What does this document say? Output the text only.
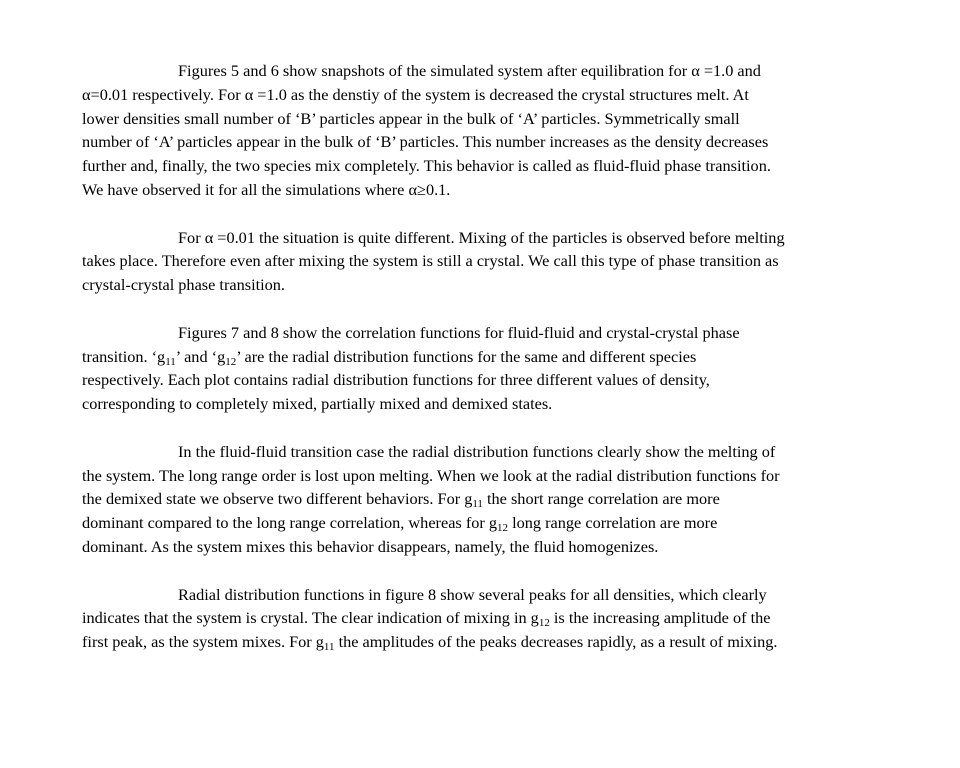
Figures 5 and 6 show snapshots of the simulated system after equilibration for α =1.0 and
α=0.01 respectively. For α =1.0 as the denstiy of the system is decreased the crystal structures melt. At
lower densities small number of ‘B’ particles appear in the bulk of ‘A’ particles. Symmetrically small
number of ‘A’ particles appear in the bulk of ‘B’ particles. This number increases as the density decreases
further and, finally, the two species mix completely. This behavior is called as fluid-fluid phase transition.
We have observed it for all the simulations where α≥0.1.

For α =0.01 the situation is quite different. Mixing of the particles is observed before melting
takes place. Therefore even after mixing the system is still a crystal. We call this type of phase transition as
crystal-crystal phase transition.

Figures 7 and 8 show the correlation functions for fluid-fluid and crystal-crystal phase
transition. ‘$g_{11}$’ and ‘$g_{12}$’ are the radial distribution functions for the same and different species
respectively. Each plot contains radial distribution functions for three different values of density,
corresponding to completely mixed, partially mixed and demixed states.

In the fluid-fluid transition case the radial distribution functions clearly show the melting of
the system. The long range order is lost upon melting. When we look at the radial distribution functions for
the demixed state we observe two different behaviors. For $g_{11}$ the short range correlation are more
dominant compared to the long range correlation, whereas for $g_{12}$ long range correlation are more
dominant. As the system mixes this behavior disappears, namely, the fluid homogenizes.

Radial distribution functions in figure 8 show several peaks for all densities, which clearly
indicates that the system is crystal. The clear indication of mixing in $g_{12}$ is the increasing amplitude of the
first peak, as the system mixes. For $g_{11}$ the amplitudes of the peaks decreases rapidly, as a result of mixing.
